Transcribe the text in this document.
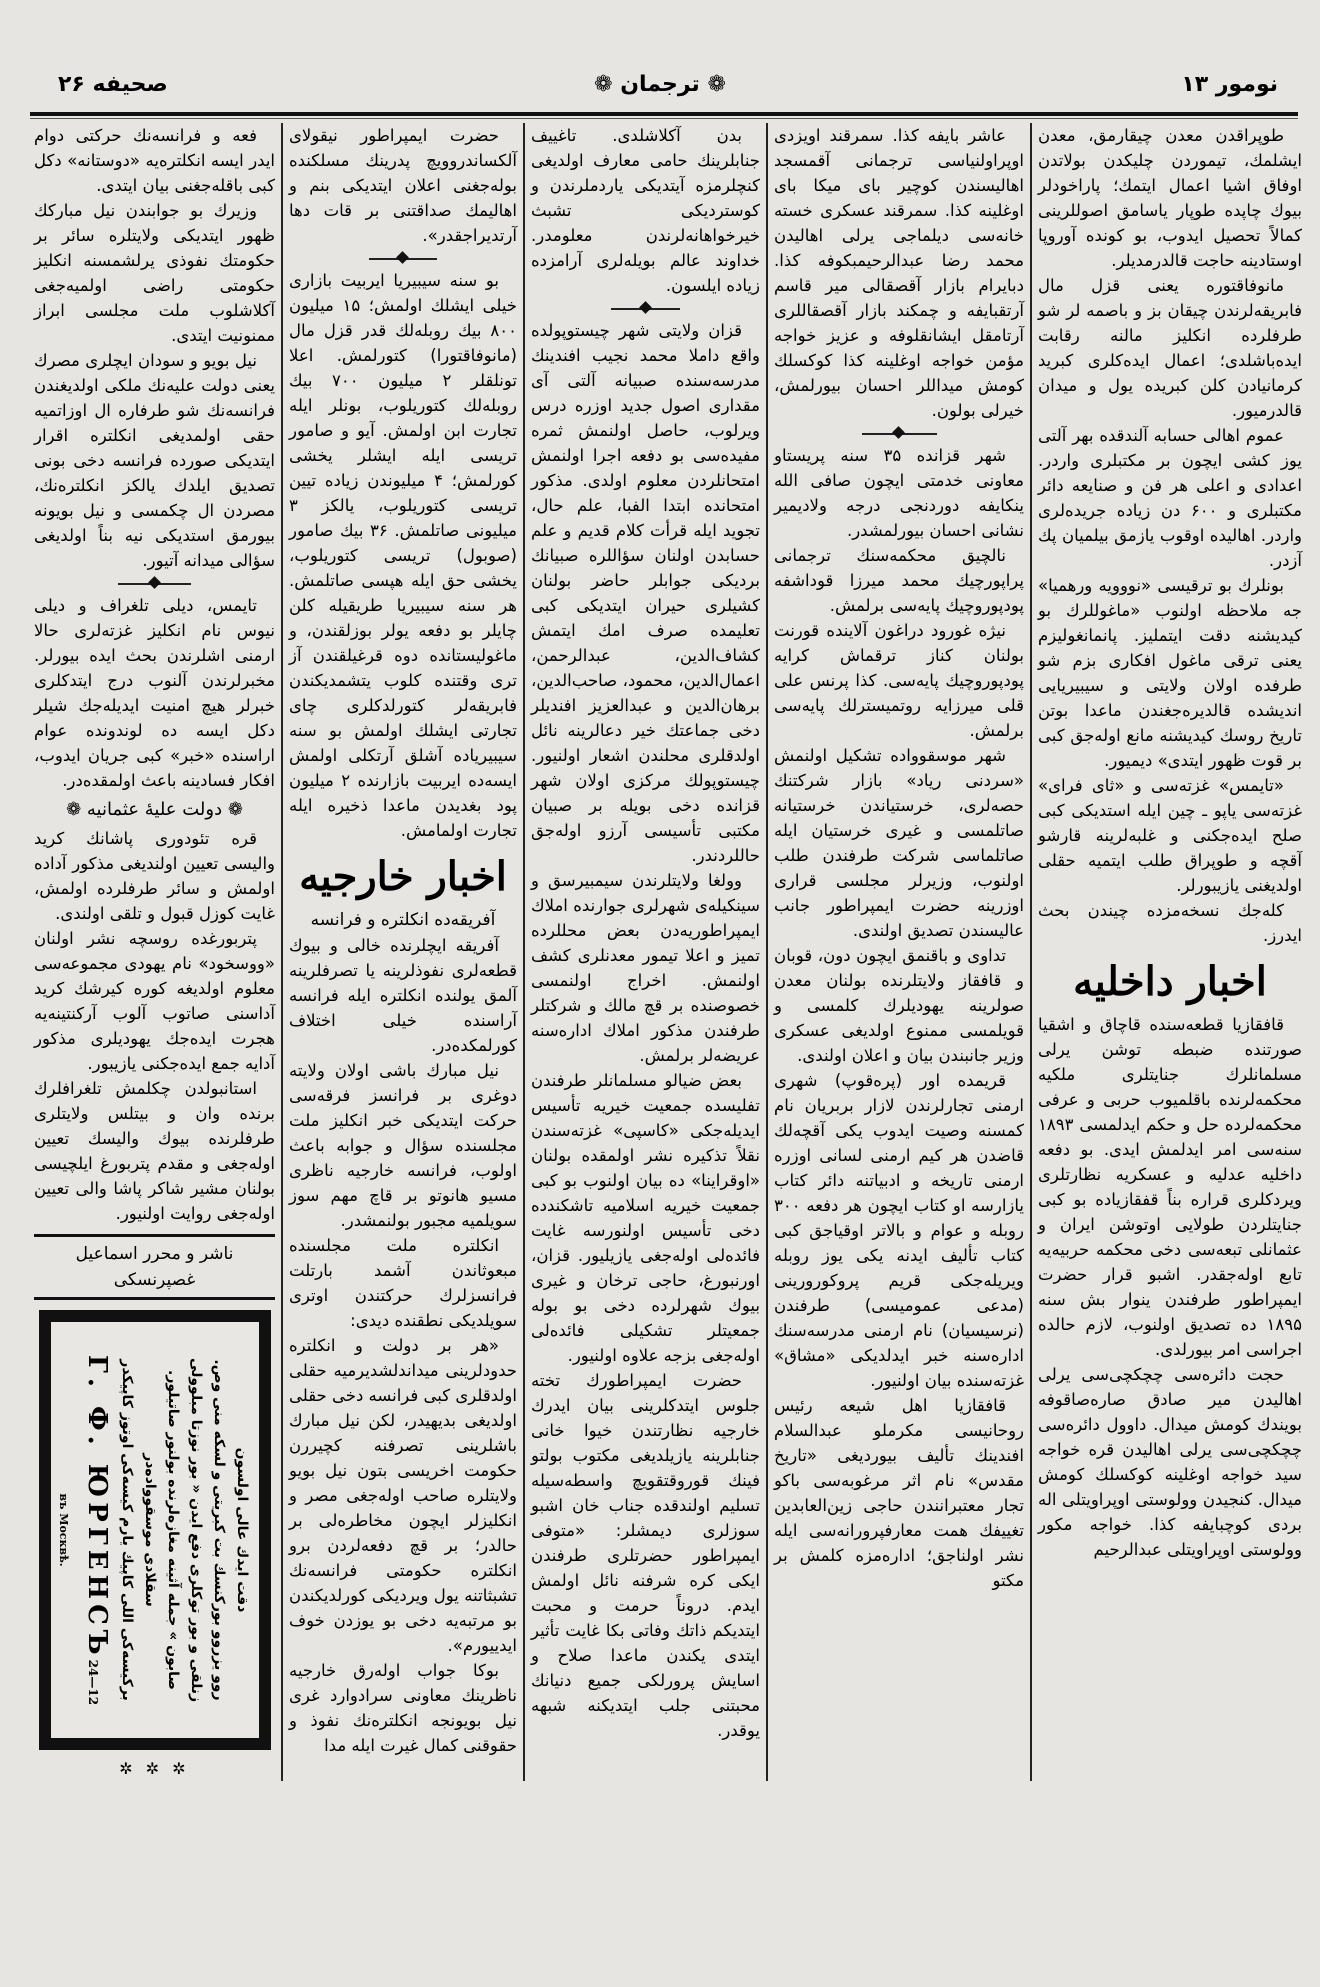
صحیفه ۲۶	❁ ترجمان ❁	نومور ۱۳

فعه و فرانسه‌نك حرکتی دوام ایدر ایسه انکلتره‌یه «دوستانه» دکل کبی باقله‌جغنی بیان ایتدی.

وزیرك بو جوابندن نیل مبارکك ظهور ایتدیکی ولایتلره سائر بر حکومتك نفوذی یرلشمسنه انکلیز حکومتی راضی اولمیه‌جغی آکلاشلوب ملت مجلسی ابراز ممنونیت ایتدی.

نیل بویو و سودان ایچلری مصرك یعنی دولت علیه‌نك ملکی اولدیغندن فرانسه‌نك شو طرفاره ال اوزاتمیه حقی اولمدیغی انکلتره اقرار ایتدیکی صورده فرانسه دخی بونی تصدیق ایلدك یالکز انکلتره‌نك، مصردن ال چکمسی و نیل بویونه بیورمق استدیکی نیه بناً اولدیغی سؤالی میدانه آتیور.

تایمس، دیلی تلغراف و دیلی نیوس نام انکلیز غزته‌لری حالا ارمنی اشلرندن بحث ایده بیورلر. مخبرلرندن آلنوب درج ایتدکلری خبرلر هیچ امنیت ایدیله‌جك شیلر دکل ایسه ده لوندونده عوام اراسنده «خبر» کبی جریان ایدوب، افکار فسادینه باعث اولمقده‌در.

❁ دولت علیهٔ عثمانیه ❁

قره تئودوری پاشانك کرید والیسی تعیین اولندیغی مذکور آداده اولمش و سائر طرفلرده اولمش، غایت کوزل قبول و تلقی اولندی.

پتربورغده روسچه نشر اولنان «ووسخود» نام یهودی مجموعه‌سی معلوم اولدیغه کوره کیرشك کرید آداسنی صاتوب آلوب آرکنتینه‌یه هجرت ایده‌جك یهودیلری مذکور آدایه جمع ایده‌جکنی یازیبور.

استانبولدن چکلمش تلغرافلرك برنده وان و بیتلس ولایتلری طرفلرنده بیوك والیسك تعیین اوله‌جغی و مقدم پتربورغ ایلچیسی بولنان مشیر شاکر پاشا والی تعیین اوله‌جغی روایت اولنیور.

ناشر و محرر اسماعیل غصپرنسکی
دقت ایدك عالی اولسون
روو یزروو بورکنسك بت کبریتی و لسکه منی وص.
زنلقی و بور توکلری دفع ایدن « بور نوزتا مبلوولی
صابون » جمله آثینه مغازه‌لرنده بولنور صاتیلور.
سقلادی موسقوواده‌در
برکیسه‌کی اللی کاپیك یارم کیسه‌کی اوتوز کاپیکدر
Г. Ф. ЮРГЕНСЪ24—12
въ Москвѣ.
✲ ✲ ✲

حضرت ایمپراطور نیقولای آلکساندروویچ پدرینك مسلکنده بوله‌جغنی اعلان ایتدیکی بنم و اهالیمك صداقتنی بر قات دها آرتدیراجقدر».

بو سنه سیبیریا ایربیت بازاری خیلی ایشلك اولمش؛ ۱۵ میلیون ۸۰۰ بیك روبله‌لك قدر قزل مال (مانوفاقتورا) کتورلمش. اعلا تونلقلر ۲ میلیون ۷۰۰ بیك روبله‌لك کتوریلوب، بونلر ایله تجارت ابن اولمش. آیو و صامور تریسی ایله ایشلر یخشی کورلمش؛ ۴ میلیوندن زیاده تیین تریسی کتوریلوب، یالکز ۳ میلیونی صاتلمش. ۳۶ بیك صامور (صوبول) تریسی کتوریلوب، یخشی حق ایله هپسی صاتلمش. هر سنه سیبیریا طریقیله کلن چایلر بو دفعه یولر بوزلقندن، و ماغولیستانده دوه قرغیلقندن آز تری وقتنده کلوب یتشمدیکندن فابریقه‌لر کتورلدکلری چای تجارتی ایشلك اولمش بو سنه سیبیریاده آشلق آرتکلی اولمش ایسه‌ده ایربیت بازارنده ۲ میلیون پود بغدیدن ماعدا ذخیره ایله تجارت اولمامش.

اخبار خارجیه

آفریقه‌ده انکلتره و فرانسه

آفریقه ایچلرنده خالی و بیوك قطعه‌لری نفوذلرینه یا تصرفلرینه آلمق یولنده انکلتره ایله فرانسه آراسنده خیلی اختلاف کورلمکده‌در.

نیل مبارك باشی اولان ولایته دوغری بر فرانسز فرقه‌سی حرکت ایتدیکی خبر انکلیز ملت مجلسنده سؤال و جوابه باعث اولوب، فرانسه خارجیه ناظری مسیو هانوتو بر قاچ مهم سوز سویلمیه مجبور بولنمشدر.

انکلتره ملت مجلسنده مبعوثاندن آشمد بارتلت فرانسزلرك حرکتندن اوتری سویلدیکی نطقنده دیدی:

«هر بر دولت و انکلتره حدودلرینی میداندلشدیرمیه حقلی اولدقلری کبی فرانسه دخی حقلی اولدیغی بدیهیدر، لکن نیل مبارك باشلرینی تصرفنه کچیررن حکومت اخریسی بتون نیل بویو ولایتلره صاحب اوله‌جغی مصر و انکلیزلر ایچون مخاطره‌لی بر حالدر؛ بر قچ دفعه‌لردن برو انکلتره حکومتی فرانسه‌نك تشبثاتنه یول ویردیکی کورلدیکندن بو مرتبه‌یه دخی بو یوزدن خوف ایدییورم».

بوکا جواب اوله‌رق خارجیه ناظرینك معاونی سرادوارد غری نیل بویونجه انکلتره‌نك نفوذ و حقوقنی کمال غیرت ایله مدا

بدن آکلاشلدی. تاغییف جنابلرینك حامی معارف اولدیغی کنچلرمزه آیتدیکی یاردملرندن و کوستردیکی تشبث خیرخواهانه‌لرندن معلومدر. خداوند عالم بویله‌لری آرامزده زیاده ایلسون.

قزان ولایتی شهر چیستوپولده واقع داملا محمد نجیب افندینك مدرسه‌سنده صبیانه آلتی آی مقداری اصول جدید اوزره درس ویرلوب، حاصل اولنمش ثمره مفیده‌سی بو دفعه اجرا اولنمش امتحانلردن معلوم اولدی. مذکور امتحانده ابتدا الفبا، علم حال، تجوید ایله قرأت کلام قدیم و علم حسابدن اولنان سؤاللره صبیانك بردیکی جوابلر حاضر بولنان کشیلری حیران ایتدیکی کبی تعلیمده صرف امك ایتمش کشاف‌الدین، عبدالرحمن، اعمال‌الدین، محمود، صاحب‌الدین، برهان‌الدین و عبدالعزیز افندیلر دخی جماعتك خیر دعالرینه نائل اولدقلری محلندن اشعار اولنیور. چیستوپولك مرکزی اولان شهر قزانده دخی بویله بر صبیان مکتبی تأسیسی آرزو اوله‌جق حاللردندر.

وولغا ولایتلرندن سیمبیرسق و سینکیله‌ی شهرلری جوارنده املاك ایمپراطوریه‌دن بعض محللرده تمیز و اعلا تیمور معدنلری کشف اولنمش. اخراج اولنمسی خصوصنده بر قچ مالك و شرکتلر طرفندن مذکور املاك اداره‌سنه عریضه‌لر برلمش.

بعض ضیالو مسلمانلر طرفندن تفلیسده جمعیت خیریه تأسیس ایدیله‌جکی «کاسپی» غزته‌سندن نقلاً تذکیره نشر اولمقده بولنان «اوقراینا» ده بیان اولنوب بو کبی جمعیت خیریه اسلامیه تاشکندده دخی تأسیس اولنورسه غایت فائده‌لی اوله‌جغی یازیلیور. قزان، اورنبورغ، حاجی ترخان و غیری بیوك شهرلرده دخی بو بوله جمعیتلر تشکیلی فائده‌لی اوله‌جغی بزجه علاوه اولنیور.

حضرت ایمپراطورك تخته جلوس ایتدکلرینی بیان ایدرك خارجیه نظارتندن خیوا خانی جنابلرینه یازیلدیغی مکتوب بولتو فینك قوروقتقویچ واسطه‌سیله تسلیم اولندقده جناب خان اشبو سوزلری دیمشلر: «متوفی ایمپراطور حضرتلری طرفندن ایکی کره شرفنه نائل اولمش ایدم. دروناً حرمت و محبت ایتدیکم ذاتك وفاتی بکا غایت تأثیر ایتدی یکندن ماعدا صلاح و اسایش پرورلکی جمیع دنیانك محبتنی جلب ایتدیکنه شبهه یوقدر.

عاشر بایفه کذا. سمرقند اویزدی اوپراولنیاسی ترجمانی آقمسجد اهالیسندن کوچیر بای میکا بای اوغلینه کذا. سمرقند عسکری خسته خانه‌سی دیلماجی یرلی اهالیدن محمد رضا عبدالرحیمبکوفه کذا. دبایرام بازار آقصقالی میر قاسم آرتقبایفه و چمکند بازار آقصقاللری آرتامقل ایشانقلوفه و عزیز خواجه مؤمن خواجه اوغلینه کذا کوکسلك کومش میداللر احسان بیورلمش، خیرلی بولون.

شهر قزانده ۳۵ سنه پریستاو معاونی خدمتی ایچون صافی الله ینکایفه دوردنجی درجه ولادیمیر نشانی احسان بیورلمشدر.

نالچیق محکمه‌سنك ترجمانی پراپورچیك محمد میرزا قوداشفه پودپوروچیك پایه‌سی برلمش.

نیژه غورود دراغون آلاینده قورنت بولنان کناز ترقماش کرایه پودپوروچیك پایه‌سی. کذا پرنس علی قلی میرزایه روتمیسترلك پایه‌سی برلمش.

شهر موسقوواده تشکیل اولنمش «سردنی ریاد» بازار شرکتنك حصه‌لری، خرستیاندن خرستیانه صاتلمسی و غیری خرستیان ایله صاتلماسی شرکت طرفندن طلب اولنوب، وزیرلر مجلسی قراری اوزرینه حضرت ایمپراطور جانب عالیسندن تصدیق اولندی.

تداوی و باقنمق ایچون دون، قوبان و قافقاز ولایتلرنده بولنان معدن صولرینه یهودیلرك کلمسی و قویلمسی ممنوع اولدیغی عسکری وزیر جانبندن بیان و اعلان اولندی.

قریمده اور (پره‌قوپ) شهری ارمنی تجارلرندن لازار بربریان نام کمسنه وصیت ایدوب یکی آقچه‌لك قاضدن هر کیم ارمنی لسانی اوزره ارمنی تاریخه و ادبیاتنه دائر کتاب یازارسه او کتاب ایچون هر دفعه ۳۰۰ روبله و عوام و بالاتر اوقیاجق کبی کتاب تألیف ایدنه یکی یوز روبله ویریله‌جکی قریم پروکورورینی (مدعی عمومیسی) طرفندن (نرسیسیان) نام ارمنی مدرسه‌سنك اداره‌سنه خبر ایدلدیکی «مشاق» غزته‌سنده بیان اولنیور.

قافقازیا اهل شیعه رئیس روحانیسی مکرملو عبدالسلام افندینك تألیف بیوردیغی «تاریخ مقدس» نام اثر مرغوبه‌سی باکو تجار معتبرانندن حاجی زین‌العابدین تغییفك همت معارفپرورانه‌سی ایله نشر اولناجق؛ اداره‌مزه کلمش بر مکتو

طوپراقدن معدن چیقارمق، معدن ایشلمك، تیموردن چلیكدن بولاتدن اوفاق اشیا اعمال ایتمك؛ پاراخودلر بیوك چاپده طوپار یاسامق اصوللرینی کمالاً تحصیل ایدوب، بو کونده آوروپا اوستادینه حاجت قالدرمدیلر.

مانوفاقتوره یعنی قزل مال فابریقه‌لرندن چیقان بز و باصمه لر شو طرفلرده انکلیز مالنه رقابت ایده‌باشلدی؛ اعمال ایده‌کلری کبرید کرمانیادن کلن کبریده یول و میدان قالدرمیور.

عموم اهالی حسابه آلندقده بهر آلتی یوز کشی ایچون بر مکتبلری واردر. اعدادی و اعلی هر فن و صنایعه دائر مکتبلری و ۶۰۰ دن زیاده جریده‌لری واردر. اهالیده اوقوب یازمق بیلمیان پك آزدر.

بونلرك بو ترقیسی «نووویه ورهمیا» جه ملاحظه اولنوب «ماغوللرك بو کیدیشنه دقت ایتملیز. پانمانغولیزم یعنی ترقی ماغول افکاری بزم شو طرفده اولان ولایتی و سیبیریایی اندیشده قالدیره‌جغندن ماعدا بوتن تاریخ روسك کیدیشنه مانع اوله‌جق کبی بر قوت ظهور ایتدی» دیمیور.

«تایمس» غزته‌سی و «ثای فرای» غزته‌سی یاپو ـ چین ایله استدیکی کبی صلح ایده‌جکنی و غلبه‌لرینه قارشو آقچه و طوپراق طلب ایتمیه حقلی اولدیغنی یازیبورلر.

کله‌جك نسخه‌مزده چیندن بحث ایدرز.

اخبار داخلیه

قافقازیا قطعه‌سنده قاچاق و اشقیا صورتنده ضبطه توشن یرلی مسلمانلرك جنایتلری ملکیه محکمه‌لرنده باقلمیوب حربی و عرفی محکمه‌لرده حل و حکم ایدلمسی ۱۸۹۳ سنه‌سی امر ایدلمش ایدی. بو دفعه داخلیه عدلیه و عسکریه نظارتلری ویردکلری قراره بناً قفقازیاده بو کبی جنایتلردن طولایی اوتوشن ایران و عثمانلی تبعه‌سی دخی محکمه حربیه‌یه تابع اوله‌جقدر. اشبو قرار حضرت ایمپراطور طرفندن ینوار بش سنه ۱۸۹۵ ده تصدیق اولنوب، لازم حالده اجراسی امر بیورلدی.

حجت دائره‌سی چچکچی‌سی یرلی اهالیدن میر صادق صاره‌صاقوفه بویندك کومش میدال. داوول دائره‌سی چچکچی‌سی یرلی اهالیدن قره خواجه سید خواجه اوغلینه کوکسلك کومش میدال. کنجیدن وولوستی اوپراویتلی اله بردی کوچبایفه کذا. خواجه مکور وولوستی اوپراویتلی عبدالرحیم
